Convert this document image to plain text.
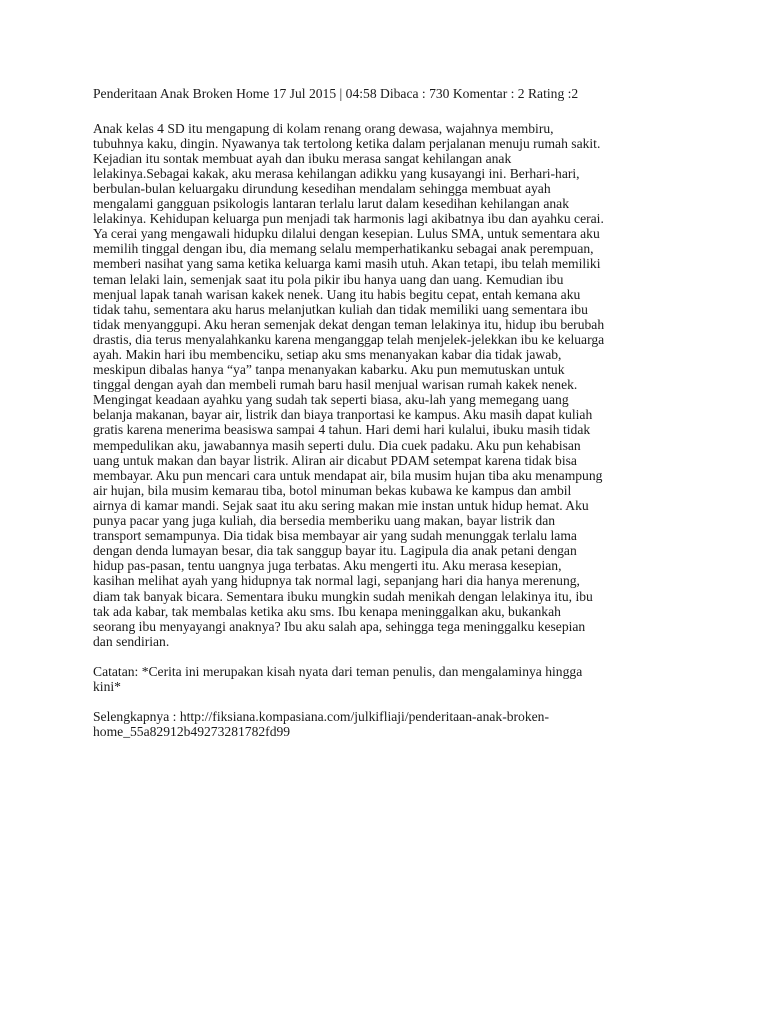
Penderitaan Anak Broken Home 17 Jul 2015 | 04:58 Dibaca : 730 Komentar : 2 Rating :2
Anak kelas 4 SD itu mengapung di kolam renang orang dewasa, wajahnya membiru,
tubuhnya kaku, dingin. Nyawanya tak tertolong ketika dalam perjalanan menuju rumah sakit.
Kejadian itu sontak membuat ayah dan ibuku merasa sangat kehilangan anak
lelakinya.Sebagai kakak, aku merasa kehilangan adikku yang kusayangi ini. Berhari-hari,
berbulan-bulan keluargaku dirundung kesedihan mendalam sehingga membuat ayah
mengalami gangguan psikologis lantaran terlalu larut dalam kesedihan kehilangan anak
lelakinya. Kehidupan keluarga pun menjadi tak harmonis lagi akibatnya ibu dan ayahku cerai.
Ya cerai yang mengawali hidupku dilalui dengan kesepian. Lulus SMA, untuk sementara aku
memilih tinggal dengan ibu, dia memang selalu memperhatikanku sebagai anak perempuan,
memberi nasihat yang sama ketika keluarga kami masih utuh. Akan tetapi, ibu telah memiliki
teman lelaki lain, semenjak saat itu pola pikir ibu hanya uang dan uang. Kemudian ibu
menjual lapak tanah warisan kakek nenek. Uang itu habis begitu cepat, entah kemana aku
tidak tahu, sementara aku harus melanjutkan kuliah dan tidak memiliki uang sementara ibu
tidak menyanggupi. Aku heran semenjak dekat dengan teman lelakinya itu, hidup ibu berubah
drastis, dia terus menyalahkanku karena menganggap telah menjelek-jelekkan ibu ke keluarga
ayah. Makin hari ibu membenciku, setiap aku sms menanyakan kabar dia tidak jawab,
meskipun dibalas hanya “ya” tanpa menanyakan kabarku. Aku pun memutuskan untuk
tinggal dengan ayah dan membeli rumah baru hasil menjual warisan rumah kakek nenek.
Mengingat keadaan ayahku yang sudah tak seperti biasa, aku-lah yang memegang uang
belanja makanan, bayar air, listrik dan biaya tranportasi ke kampus. Aku masih dapat kuliah
gratis karena menerima beasiswa sampai 4 tahun. Hari demi hari kulalui, ibuku masih tidak
mempedulikan aku, jawabannya masih seperti dulu. Dia cuek padaku. Aku pun kehabisan
uang untuk makan dan bayar listrik. Aliran air dicabut PDAM setempat karena tidak bisa
membayar. Aku pun mencari cara untuk mendapat air, bila musim hujan tiba aku menampung
air hujan, bila musim kemarau tiba, botol minuman bekas kubawa ke kampus dan ambil
airnya di kamar mandi. Sejak saat itu aku sering makan mie instan untuk hidup hemat. Aku
punya pacar yang juga kuliah, dia bersedia memberiku uang makan, bayar listrik dan
transport semampunya. Dia tidak bisa membayar air yang sudah menunggak terlalu lama
dengan denda lumayan besar, dia tak sanggup bayar itu. Lagipula dia anak petani dengan
hidup pas-pasan, tentu uangnya juga terbatas. Aku mengerti itu. Aku merasa kesepian,
kasihan melihat ayah yang hidupnya tak normal lagi, sepanjang hari dia hanya merenung,
diam tak banyak bicara. Sementara ibuku mungkin sudah menikah dengan lelakinya itu, ibu
tak ada kabar, tak membalas ketika aku sms. Ibu kenapa meninggalkan aku, bukankah
seorang ibu menyayangi anaknya? Ibu aku salah apa, sehingga tega meninggalku kesepian
dan sendirian.
Catatan: *Cerita ini merupakan kisah nyata dari teman penulis, dan mengalaminya hingga
kini*
Selengkapnya : http://fiksiana.kompasiana.com/julkifliaji/penderitaan-anak-broken-
home_55a82912b49273281782fd99
